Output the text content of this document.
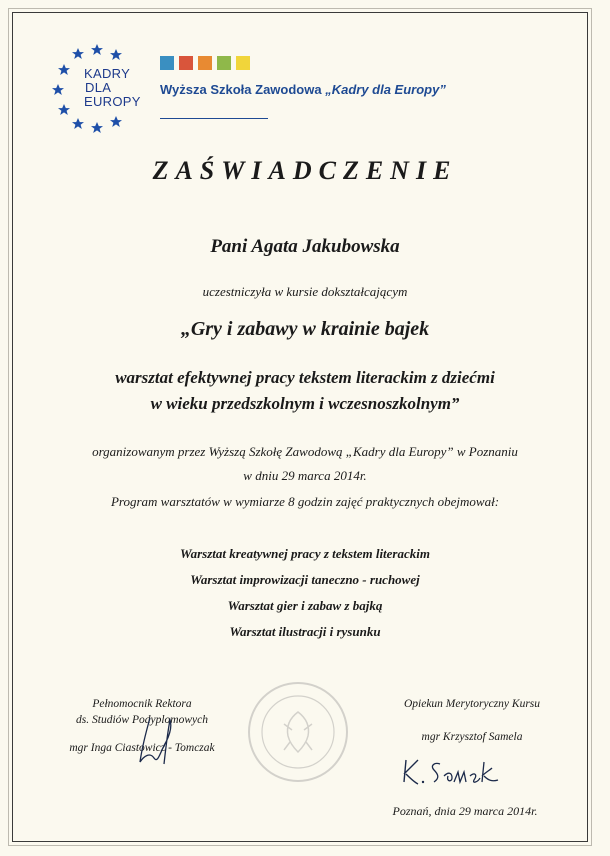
KADRY
DLA
EUROPY
Wyższa Szkoła Zawodowa „Kadry dla Europy”
ZAŚWIADCZENIE
Pani Agata Jakubowska
uczestniczyła w kursie dokształcającym
„Gry i zabawy w krainie bajek
warsztat efektywnej pracy tekstem literackim z dziećmi
w wieku przedszkolnym i wczesnoszkolnym”
organizowanym przez Wyższą Szkołę Zawodową „Kadry dla Europy” w Poznaniu
w dniu 29 marca 2014r.
Program warsztatów w wymiarze 8 godzin zajęć praktycznych obejmował:
Warsztat kreatywnej pracy z tekstem literackim
Warsztat improwizacji taneczno - ruchowej
Warsztat gier i zabaw z bajką
Warsztat ilustracji i rysunku
Pełnomocnik Rektora
ds. Studiów Podyplomowych
mgr Inga Ciastowicz - Tomczak
Opiekun Merytoryczny Kursu
mgr Krzysztof Samela
Poznań, dnia 29 marca 2014r.
